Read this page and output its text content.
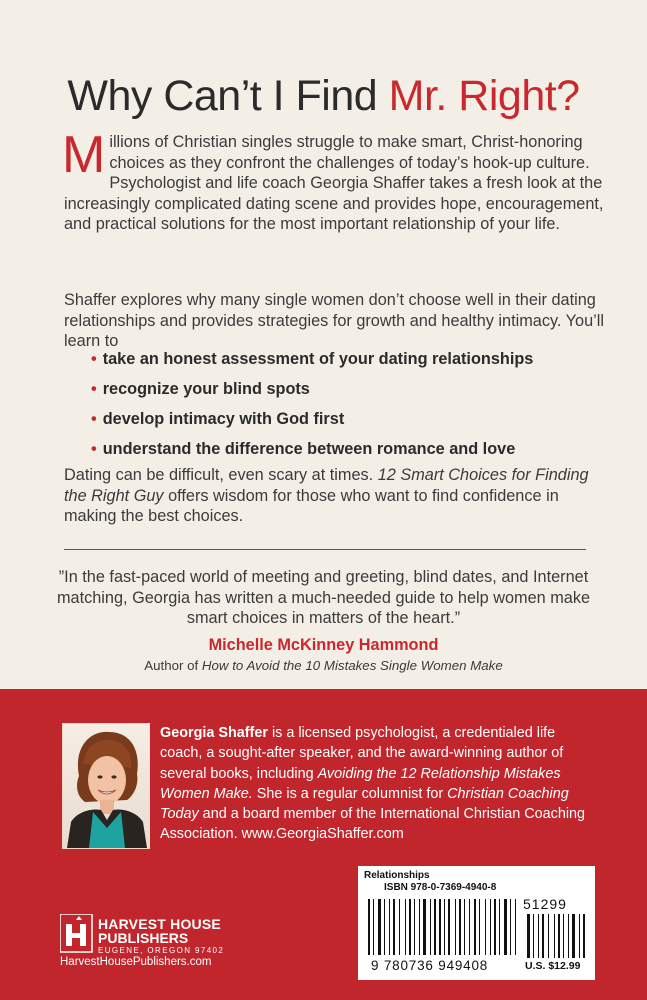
Why Can’t I Find Mr. Right?

Millions of Christian singles struggle to make smart, Christ-honoring choices as they confront the challenges of today’s hook-up culture. Psychologist and life coach Georgia Shaffer takes a fresh look at the increasingly complicated dating scene and provides hope, encouragement, and practical solutions for the most important relationship of your life.

Shaffer explores why many single women don’t choose well in their dating relationships and provides strategies for growth and healthy intimacy. You’ll learn to

• take an honest assessment of your dating relationships
• recognize your blind spots
• develop intimacy with God first
• understand the difference between romance and love

Dating can be difficult, even scary at times. 12 Smart Choices for Finding the Right Guy offers wisdom for those who want to find confidence in making the best choices.

”In the fast-paced world of meeting and greeting, blind dates, and Internet matching, Georgia has written a much-needed guide to help women make smart choices in matters of the heart.”

Michelle McKinney Hammond
Author of How to Avoid the 10 Mistakes Single Women Make

Georgia Shaffer is a licensed psychologist, a credentialed life coach, a sought-after speaker, and the award-winning author of several books, including Avoiding the 12 Relationship Mistakes Women Make. She is a regular columnist for Christian Coaching Today and a board member of the International Christian Coaching Association. www.GeorgiaShaffer.com

HARVEST HOUSE
PUBLISHERS
EUGENE, OREGON 97402
HarvestHousePublishers.com
Relationships
ISBN 978-0-7369-4940-8
51299
9 780736 949408	U.S. $12.99
